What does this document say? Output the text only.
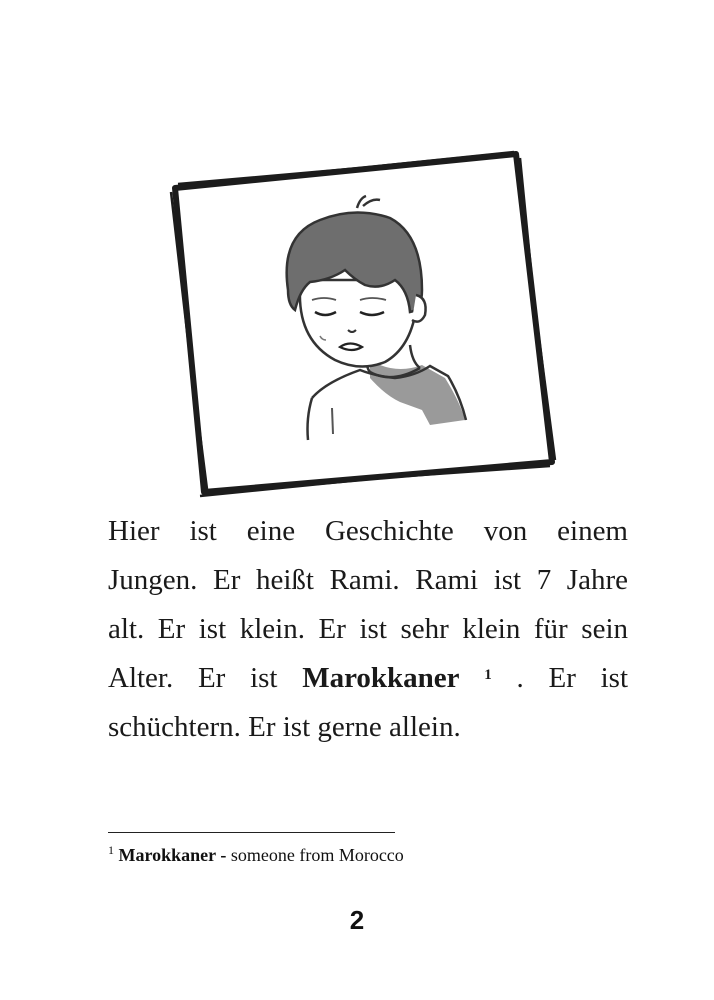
Hier ist eine Geschichte von einem
Jungen. Er heißt Rami. Rami ist 7 Jahre
alt. Er ist klein. Er ist sehr klein für sein
Alter. Er ist Marokkaner $^1$ . Er ist
schüchtern. Er ist gerne allein.
$^1$ Marokkaner - someone from Morocco
2
